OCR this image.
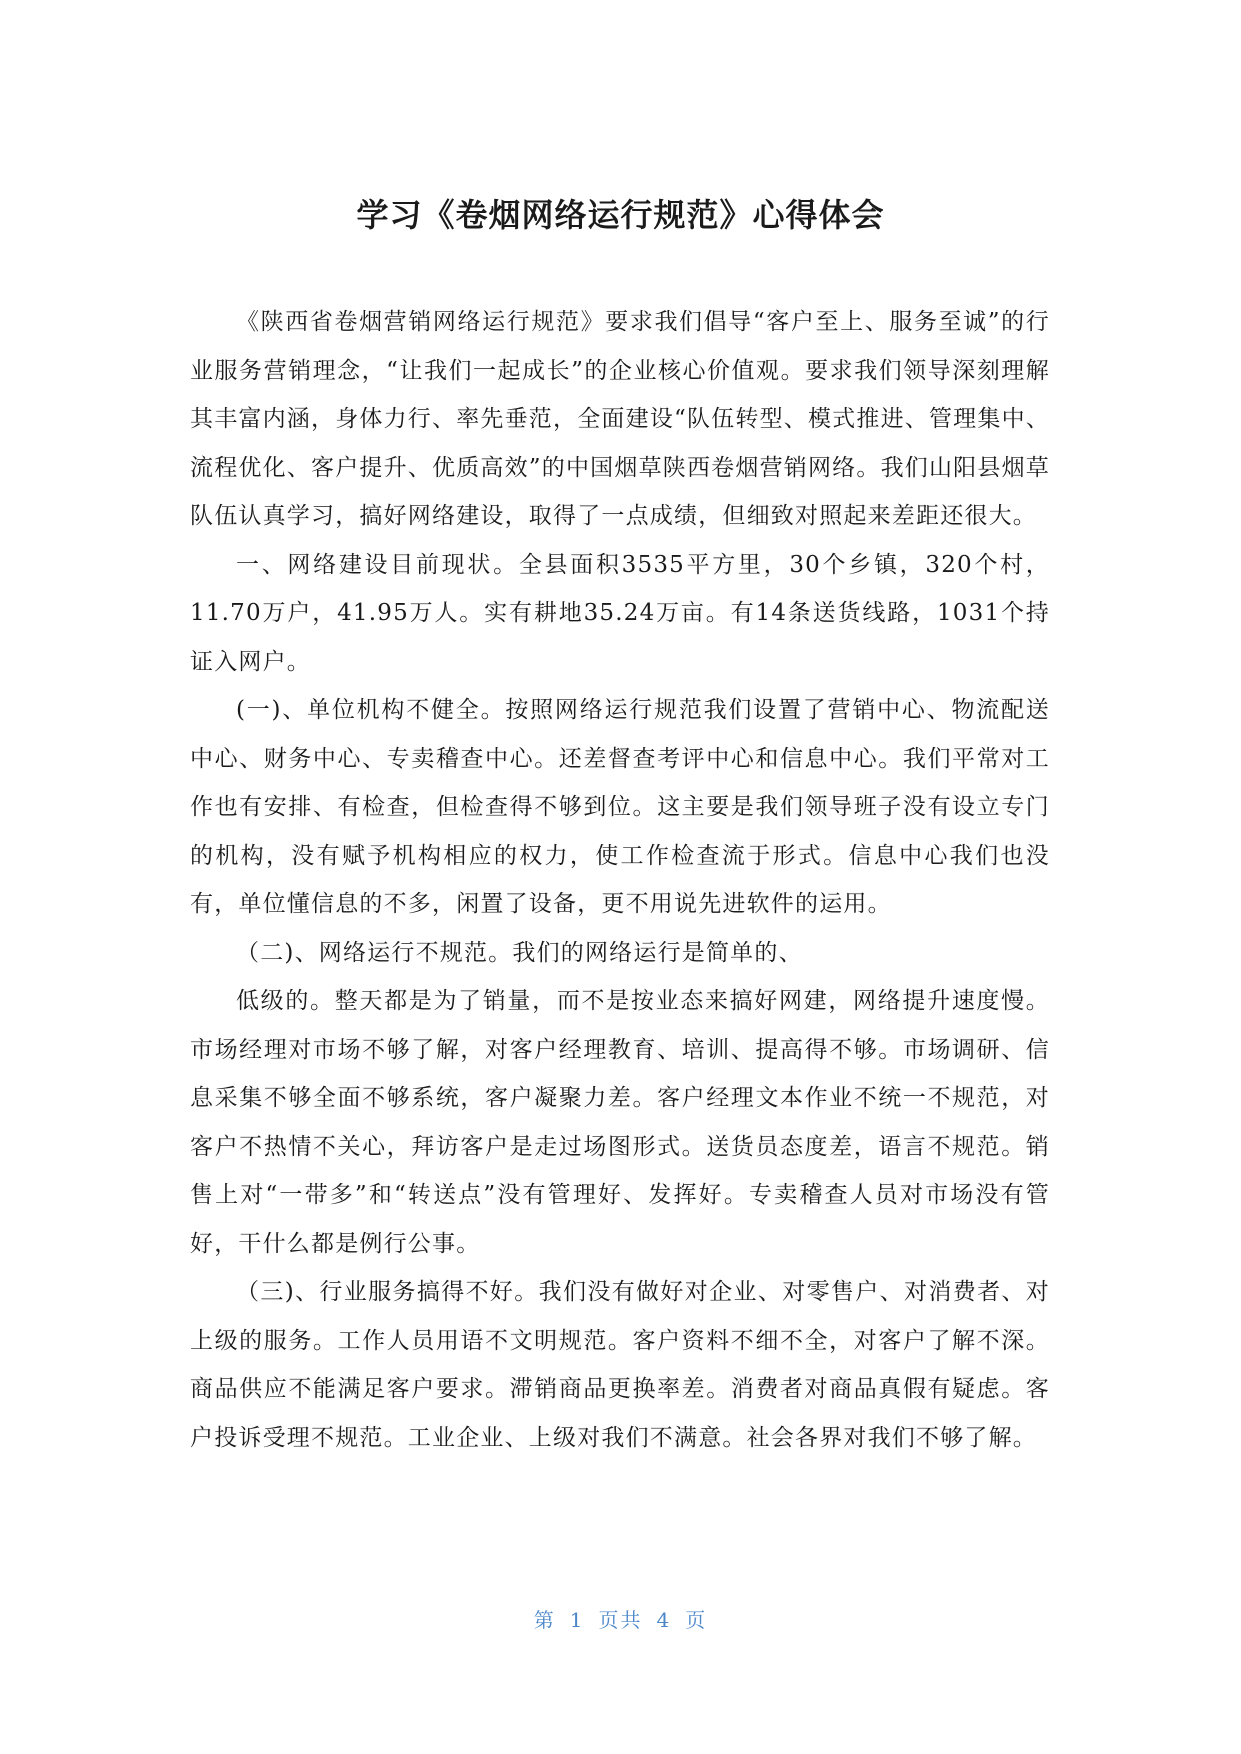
学习《卷烟网络运行规范》心得体会

《陕西省卷烟营销网络运行规范》要求我们倡导“客户至上、服务至诚”的行业服务营销理念，“让我们一起成长”的企业核心价值观。要求我们领导深刻理解其丰富内涵，身体力行、率先垂范，全面建设“队伍转型、模式推进、管理集中、流程优化、客户提升、优质高效”的中国烟草陕西卷烟营销网络。我们山阳县烟草队伍认真学习，搞好网络建设，取得了一点成绩，但细致对照起来差距还很大。

一、网络建设目前现状。全县面积3535平方里，30个乡镇，320个村，11.70万户，41.95万人。实有耕地35.24万亩。有14条送货线路，1031个持证入网户。

(一)、单位机构不健全。按照网络运行规范我们设置了营销中心、物流配送中心、财务中心、专卖稽查中心。还差督查考评中心和信息中心。我们平常对工作也有安排、有检查，但检查得不够到位。这主要是我们领导班子没有设立专门的机构，没有赋予机构相应的权力，使工作检查流于形式。信息中心我们也没有，单位懂信息的不多，闲置了设备，更不用说先进软件的运用。

（二)、网络运行不规范。我们的网络运行是简单的、

低级的。整天都是为了销量，而不是按业态来搞好网建，网络提升速度慢。市场经理对市场不够了解，对客户经理教育、培训、提高得不够。市场调研、信息采集不够全面不够系统，客户凝聚力差。客户经理文本作业不统一不规范，对客户不热情不关心，拜访客户是走过场图形式。送货员态度差，语言不规范。销售上对“一带多”和“转送点”没有管理好、发挥好。专卖稽查人员对市场没有管好，干什么都是例行公事。

（三)、行业服务搞得不好。我们没有做好对企业、对零售户、对消费者、对上级的服务。工作人员用语不文明规范。客户资料不细不全，对客户了解不深。商品供应不能满足客户要求。滞销商品更换率差。消费者对商品真假有疑虑。客户投诉受理不规范。工业企业、上级对我们不满意。社会各界对我们不够了解。

第 1 页共 4 页
